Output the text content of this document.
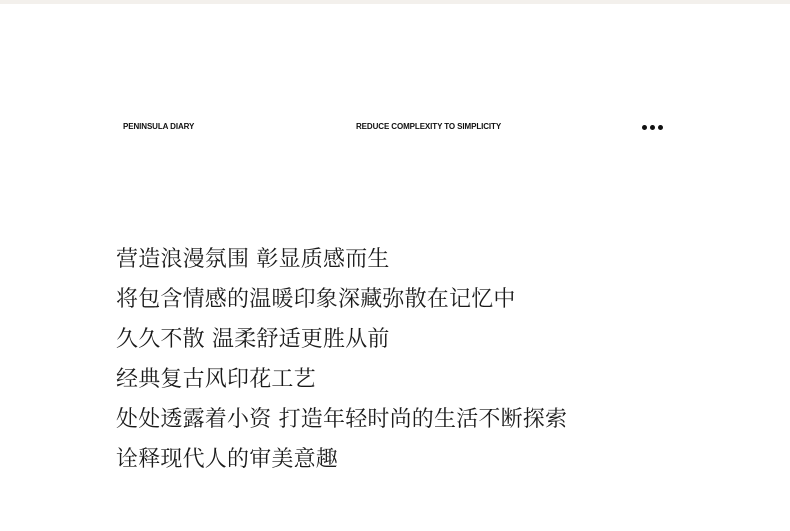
PENINSULA DIARY	REDUCE COMPLEXITY TO SIMPLICITY
营造浪漫氛围 彰显质感而生
将包含情感的温暖印象深藏弥散在记忆中
久久不散 温柔舒适更胜从前
经典复古风印花工艺
处处透露着小资 打造年轻时尚的生活不断探索
诠释现代人的审美意趣
